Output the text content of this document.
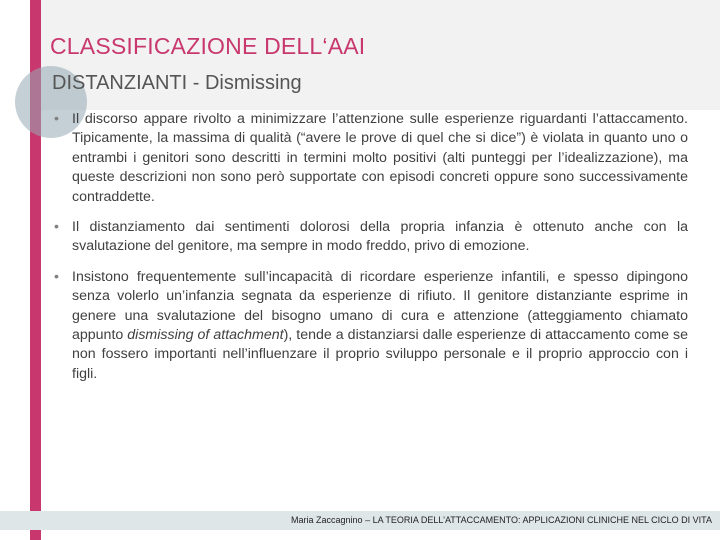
CLASSIFICAZIONE DELL‘AAI
DISTANZIANTI - Dismissing
• Il discorso appare rivolto a minimizzare l’attenzione sulle esperienze riguardanti l’attaccamento. Tipicamente, la massima di qualità (“avere le prove di quel che si dice”) è violata in quanto uno o entrambi i genitori sono descritti in termini molto positivi (alti punteggi per l’idealizzazione), ma queste descrizioni non sono però supportate con episodi concreti oppure sono successivamente contraddette.
• Il distanziamento dai sentimenti dolorosi della propria infanzia è ottenuto anche con la svalutazione del genitore, ma sempre in modo freddo, privo di emozione.
• Insistono frequentemente sull’incapacità di ricordare esperienze infantili, e spesso dipingono senza volerlo un’infanzia segnata da esperienze di rifiuto. Il genitore distanziante esprime in genere una svalutazione del bisogno umano di cura e attenzione (atteggiamento chiamato appunto dismissing of attachment), tende a distanziarsi dalle esperienze di attaccamento come se non fossero importanti nell’influenzare il proprio sviluppo personale e il proprio approccio con i figli.
Maria Zaccagnino – LA TEORIA DELL’ATTACCAMENTO: APPLICAZIONI CLINICHE NEL CICLO DI VITA
